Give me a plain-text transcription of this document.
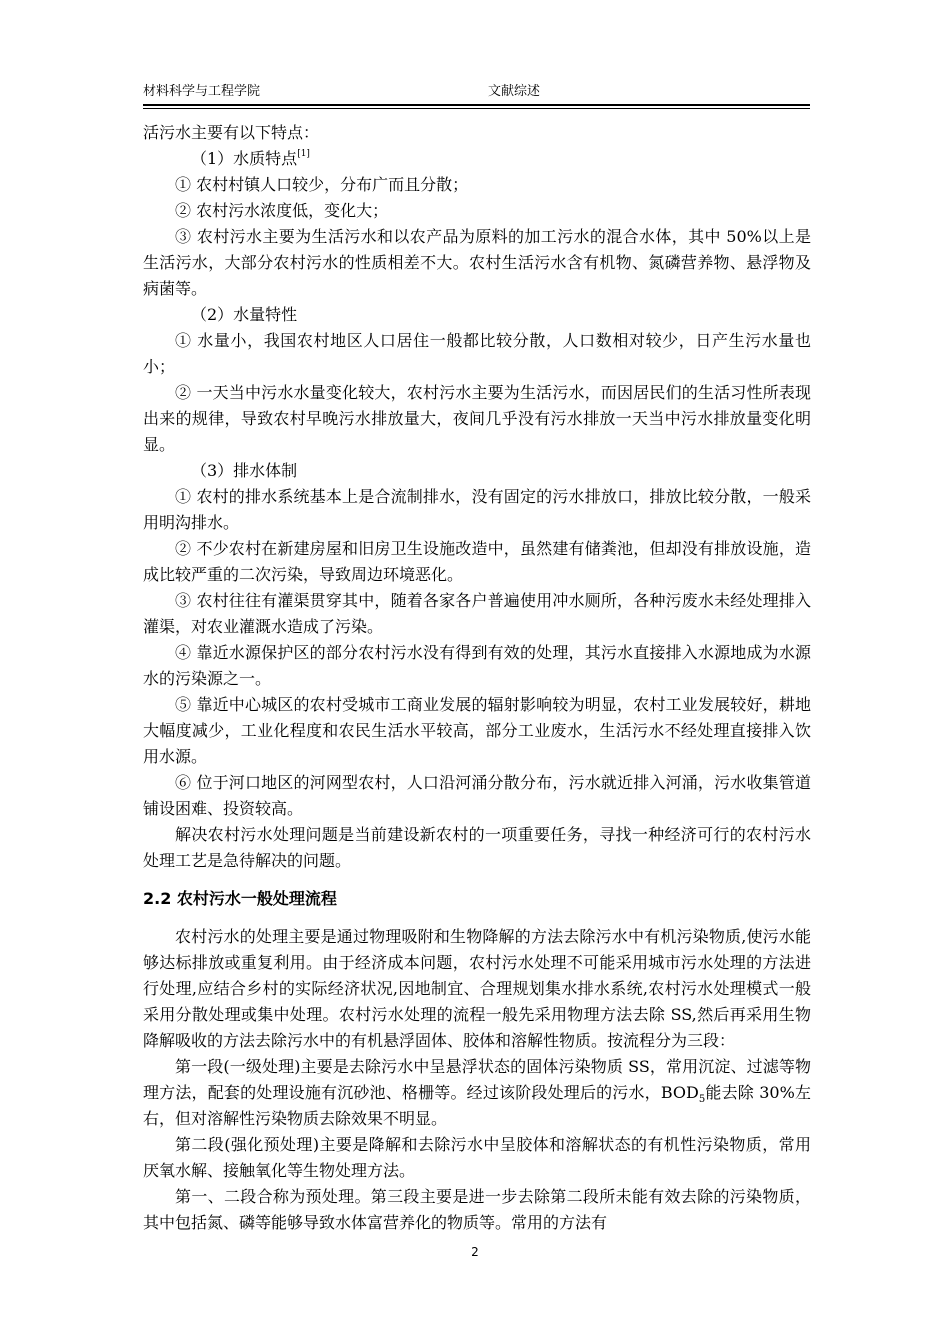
材料科学与工程学院	文献综述

活污水主要有以下特点：

（1）水质特点[1]

① 农村村镇人口较少，分布广而且分散；

② 农村污水浓度低，变化大；

③ 农村污水主要为生活污水和以农产品为原料的加工污水的混合水体，其中 50%以上是生活污水，大部分农村污水的性质相差不大。农村生活污水含有机物、氮磷营养物、悬浮物及病菌等。

（2）水量特性

① 水量小，我国农村地区人口居住一般都比较分散，人口数相对较少，日产生污水量也小；

② 一天当中污水水量变化较大，农村污水主要为生活污水，而因居民们的生活习性所表现出来的规律，导致农村早晚污水排放量大，夜间几乎没有污水排放一天当中污水排放量变化明显。

（3）排水体制

① 农村的排水系统基本上是合流制排水，没有固定的污水排放口，排放比较分散，一般采用明沟排水。

② 不少农村在新建房屋和旧房卫生设施改造中，虽然建有储粪池，但却没有排放设施，造成比较严重的二次污染，导致周边环境恶化。

③ 农村往往有灌渠贯穿其中，随着各家各户普遍使用冲水厕所，各种污废水未经处理排入灌渠，对农业灌溉水造成了污染。

④ 靠近水源保护区的部分农村污水没有得到有效的处理，其污水直接排入水源地成为水源水的污染源之一。

⑤ 靠近中心城区的农村受城市工商业发展的辐射影响较为明显，农村工业发展较好，耕地大幅度减少，工业化程度和农民生活水平较高，部分工业废水，生活污水不经处理直接排入饮用水源。

⑥ 位于河口地区的河网型农村，人口沿河涌分散分布，污水就近排入河涌，污水收集管道铺设困难、投资较高。

解决农村污水处理问题是当前建设新农村的一项重要任务，寻找一种经济可行的农村污水处理工艺是急待解决的问题。

2.2 农村污水一般处理流程

农村污水的处理主要是通过物理吸附和生物降解的方法去除污水中有机污染物质,使污水能够达标排放或重复利用。由于经济成本问题，农村污水处理不可能采用城市污水处理的方法进行处理,应结合乡村的实际经济状况,因地制宜、合理规划集水排水系统,农村污水处理模式一般采用分散处理或集中处理。农村污水处理的流程一般先采用物理方法去除 SS,然后再采用生物降解吸收的方法去除污水中的有机悬浮固体、胶体和溶解性物质。按流程分为三段：

第一段(一级处理)主要是去除污水中呈悬浮状态的固体污染物质 SS，常用沉淀、过滤等物理方法，配套的处理设施有沉砂池、格栅等。经过该阶段处理后的污水，$BOD_5$能去除 30%左右，但对溶解性污染物质去除效果不明显。

第二段(强化预处理)主要是降解和去除污水中呈胶体和溶解状态的有机性污染物质，常用厌氧水解、接触氧化等生物处理方法。

第一、二段合称为预处理。第三段主要是进一步去除第二段所未能有效去除的污染物质，其中包括氮、磷等能够导致水体富营养化的物质等。常用的方法有

2
